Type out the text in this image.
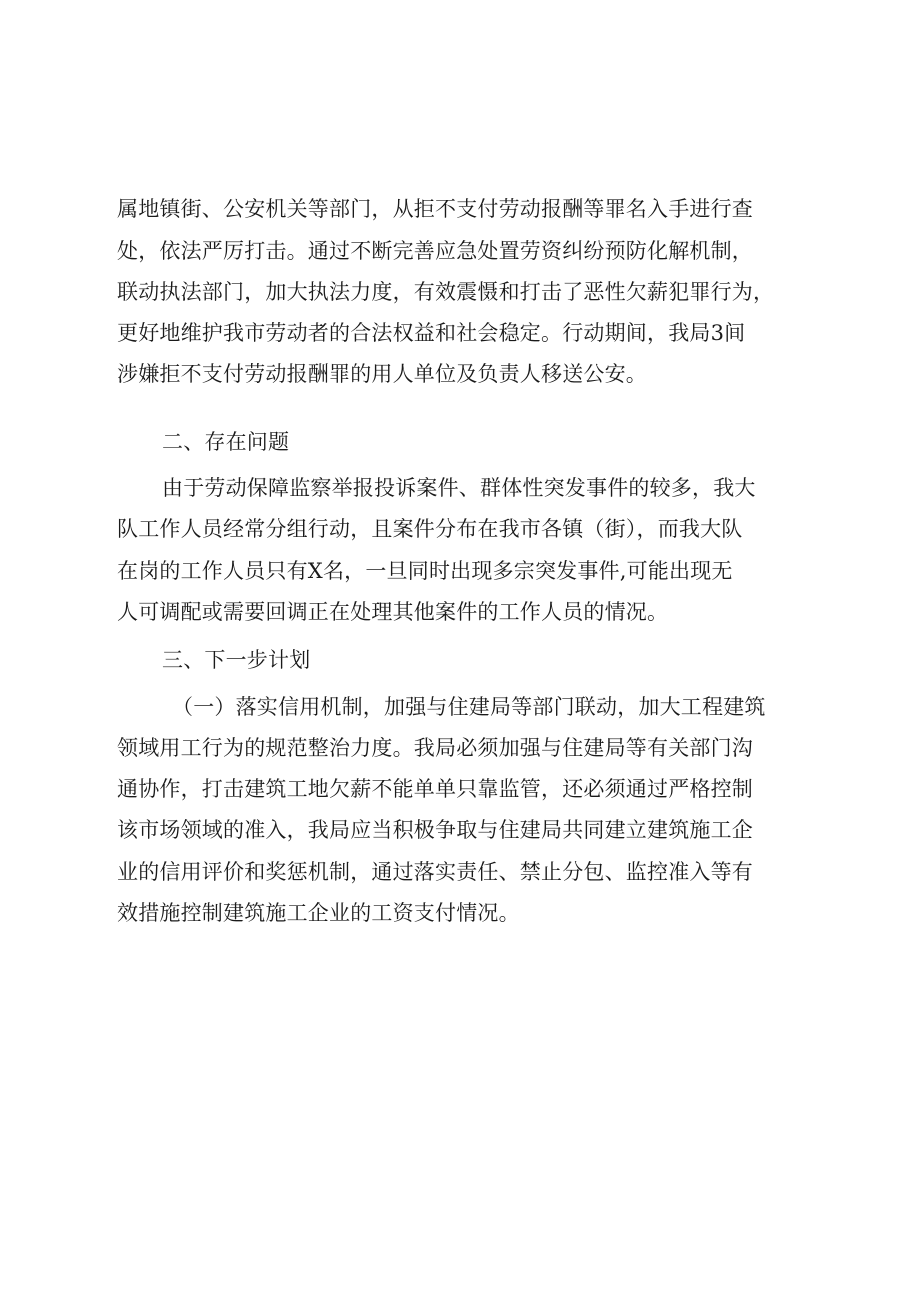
属地镇街、公安机关等部门，从拒不支付劳动报酬等罪名入手进行查
处，依法严厉打击。通过不断完善应急处置劳资纠纷预防化解机制，
联动执法部门，加大执法力度，有效震慑和打击了恶性欠薪犯罪行为，
更好地维护我市劳动者的合法权益和社会稳定。行动期间，我局3间
涉嫌拒不支付劳动报酬罪的用人单位及负责人移送公安。
二、存在问题
由于劳动保障监察举报投诉案件、群体性突发事件的较多，我大
队工作人员经常分组行动，且案件分布在我市各镇（街），而我大队
在岗的工作人员只有X名，一旦同时出现多宗突发事件,可能出现无
人可调配或需要回调正在处理其他案件的工作人员的情况。
三、下一步计划
（一）落实信用机制，加强与住建局等部门联动，加大工程建筑
领域用工行为的规范整治力度。我局必须加强与住建局等有关部门沟
通协作，打击建筑工地欠薪不能单单只靠监管，还必须通过严格控制
该市场领域的准入，我局应当积极争取与住建局共同建立建筑施工企
业的信用评价和奖惩机制，通过落实责任、禁止分包、监控准入等有
效措施控制建筑施工企业的工资支付情况。
